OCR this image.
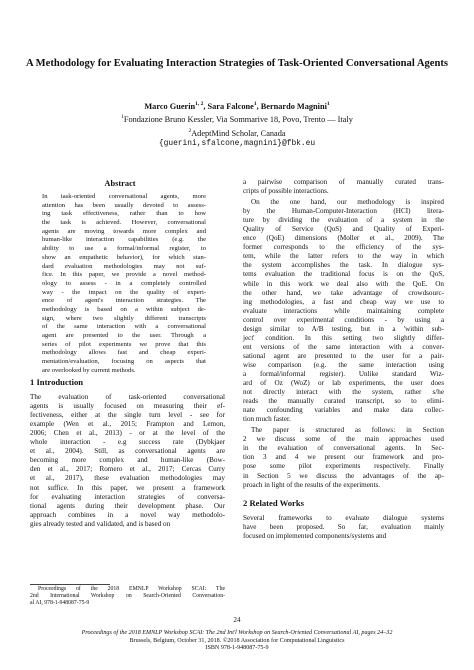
A Methodology for Evaluating Interaction Strategies of Task-Oriented Conversational Agents
Marco Guerin$^{1, 2}$, Sara Falcone$^1$, Bernardo Magnini$^1$
$^1$Fondazione Bruno Kessler, Via Sommarive 18, Povo, Trento — Italy
$^2$AdeptMind Scholar, Canada
{guerini,sfalcone,magnini}@fbk.eu
Abstract
In task-oriented conversational agents, more
attention has been usually devoted to assess-
ing task effectiveness, rather than to how
the task is achieved. However, conversational
agents are moving towards more complex and
human-like interaction capabilities (e.g. the
ability to use a formal/informal register, to
show an empathetic behavior), for which stan-
dard evaluation methodologies may not suf-
fice. In this paper, we provide a novel method-
ology to assess - in a completely controlled
way - the impact on the quality of experi-
ence of agent's interaction strategies. The
methodology is based on a within subject de-
sign, where two slightly different transcripts
of the same interaction with a conversational
agent are presented to the user. Through a
series of pilot experiments we prove that this
methodology allows fast and cheap experi-
mentation/evaluation, focusing on aspects that
are overlooked by current methods.
1 Introduction
The evaluation of task-oriented conversational
agents is usually focused on measuring their ef-
fectiveness, either at the single turn level - see for
example (Wen et al., 2015; Frampton and Lemon,
2006; Chen et al., 2013) - or at the level of the
whole interaction - e.g success rate (Dybkjaer
et al., 2004). Still, as conversational agents are
becoming more complex and human-like (Bow-
den et al., 2017; Romero et al., 2017; Cercas Curry
et al., 2017), these evaluation methodologies may
not suffice. In this paper, we present a framework
for evaluating interaction strategies of conversa-
tional agents during their development phase. Our
approach combines in a novel way methodolo-
gies already tested and validated, and is based on
Proceedings of the 2018 EMNLP Workshop SCAI: The
2nd International Workshop on Search-Oriented Conversation-
al AI, 978-1-948087-75-9
a pairwise comparison of manually curated trans-
cripts of possible interactions.
On the one hand, our methodology is inspired
by the Human-Computer-Interaction (HCI) litera-
ture by dividing the evaluation of a system in the
Quality of Service (QoS) and Quality of Experi-
ence (QoE) dimensions (Moller et al., 2009). The
former corresponds to the efficiency of the sys-
tem, while the latter refers to the way in which
the system accomplishes the task. In dialogue sys-
tems evaluation the traditional focus is on the QoS,
while in this work we deal also with the QoE. On
the other hand, we take advantage of crowdsourc-
ing methodologies, a fast and cheap way we use to
evaluate interactions while maintaining complete
control over experimental conditions - by using a
design similar to A/B testing, but in a 'within sub-
ject' condition. In this setting two slightly differ-
ent versions of the same interaction with a conver-
sational agent are presented to the user for a pair-
wise comparison (e.g. the same interaction using
a formal/informal register). Unlike standard Wiz-
ard of Oz (WoZ) or lab experiments, the user does
not directly interact with the system, rather s/he
reads the manually curated transcript, so to elimi-
nate confounding variables and make data collec-
tion much faster.
The paper is structured as follows: in Section
2 we discuss some of the main approaches used
in the evaluation of conversational agents. In Sec-
tion 3 and 4 we present our framework and pro-
pose some pilot experiments respectively. Finally
in Section 5 we discuss the advantages of the ap-
proach in light of the results of the experiments.
2 Related Works
Several frameworks to evaluate dialogue systems
have been proposed. So far, evaluation mainly
focused on implemented components/systems and
24
Proceedings of the 2018 EMNLP Workshop SCAI: The 2nd Int'l Workshop on Search-Oriented Conversational AI, pages 24–32
Brussels, Belgium, October 31, 2018. ©2018 Association for Computational Linguistics
ISBN 978-1-948087-75-9
